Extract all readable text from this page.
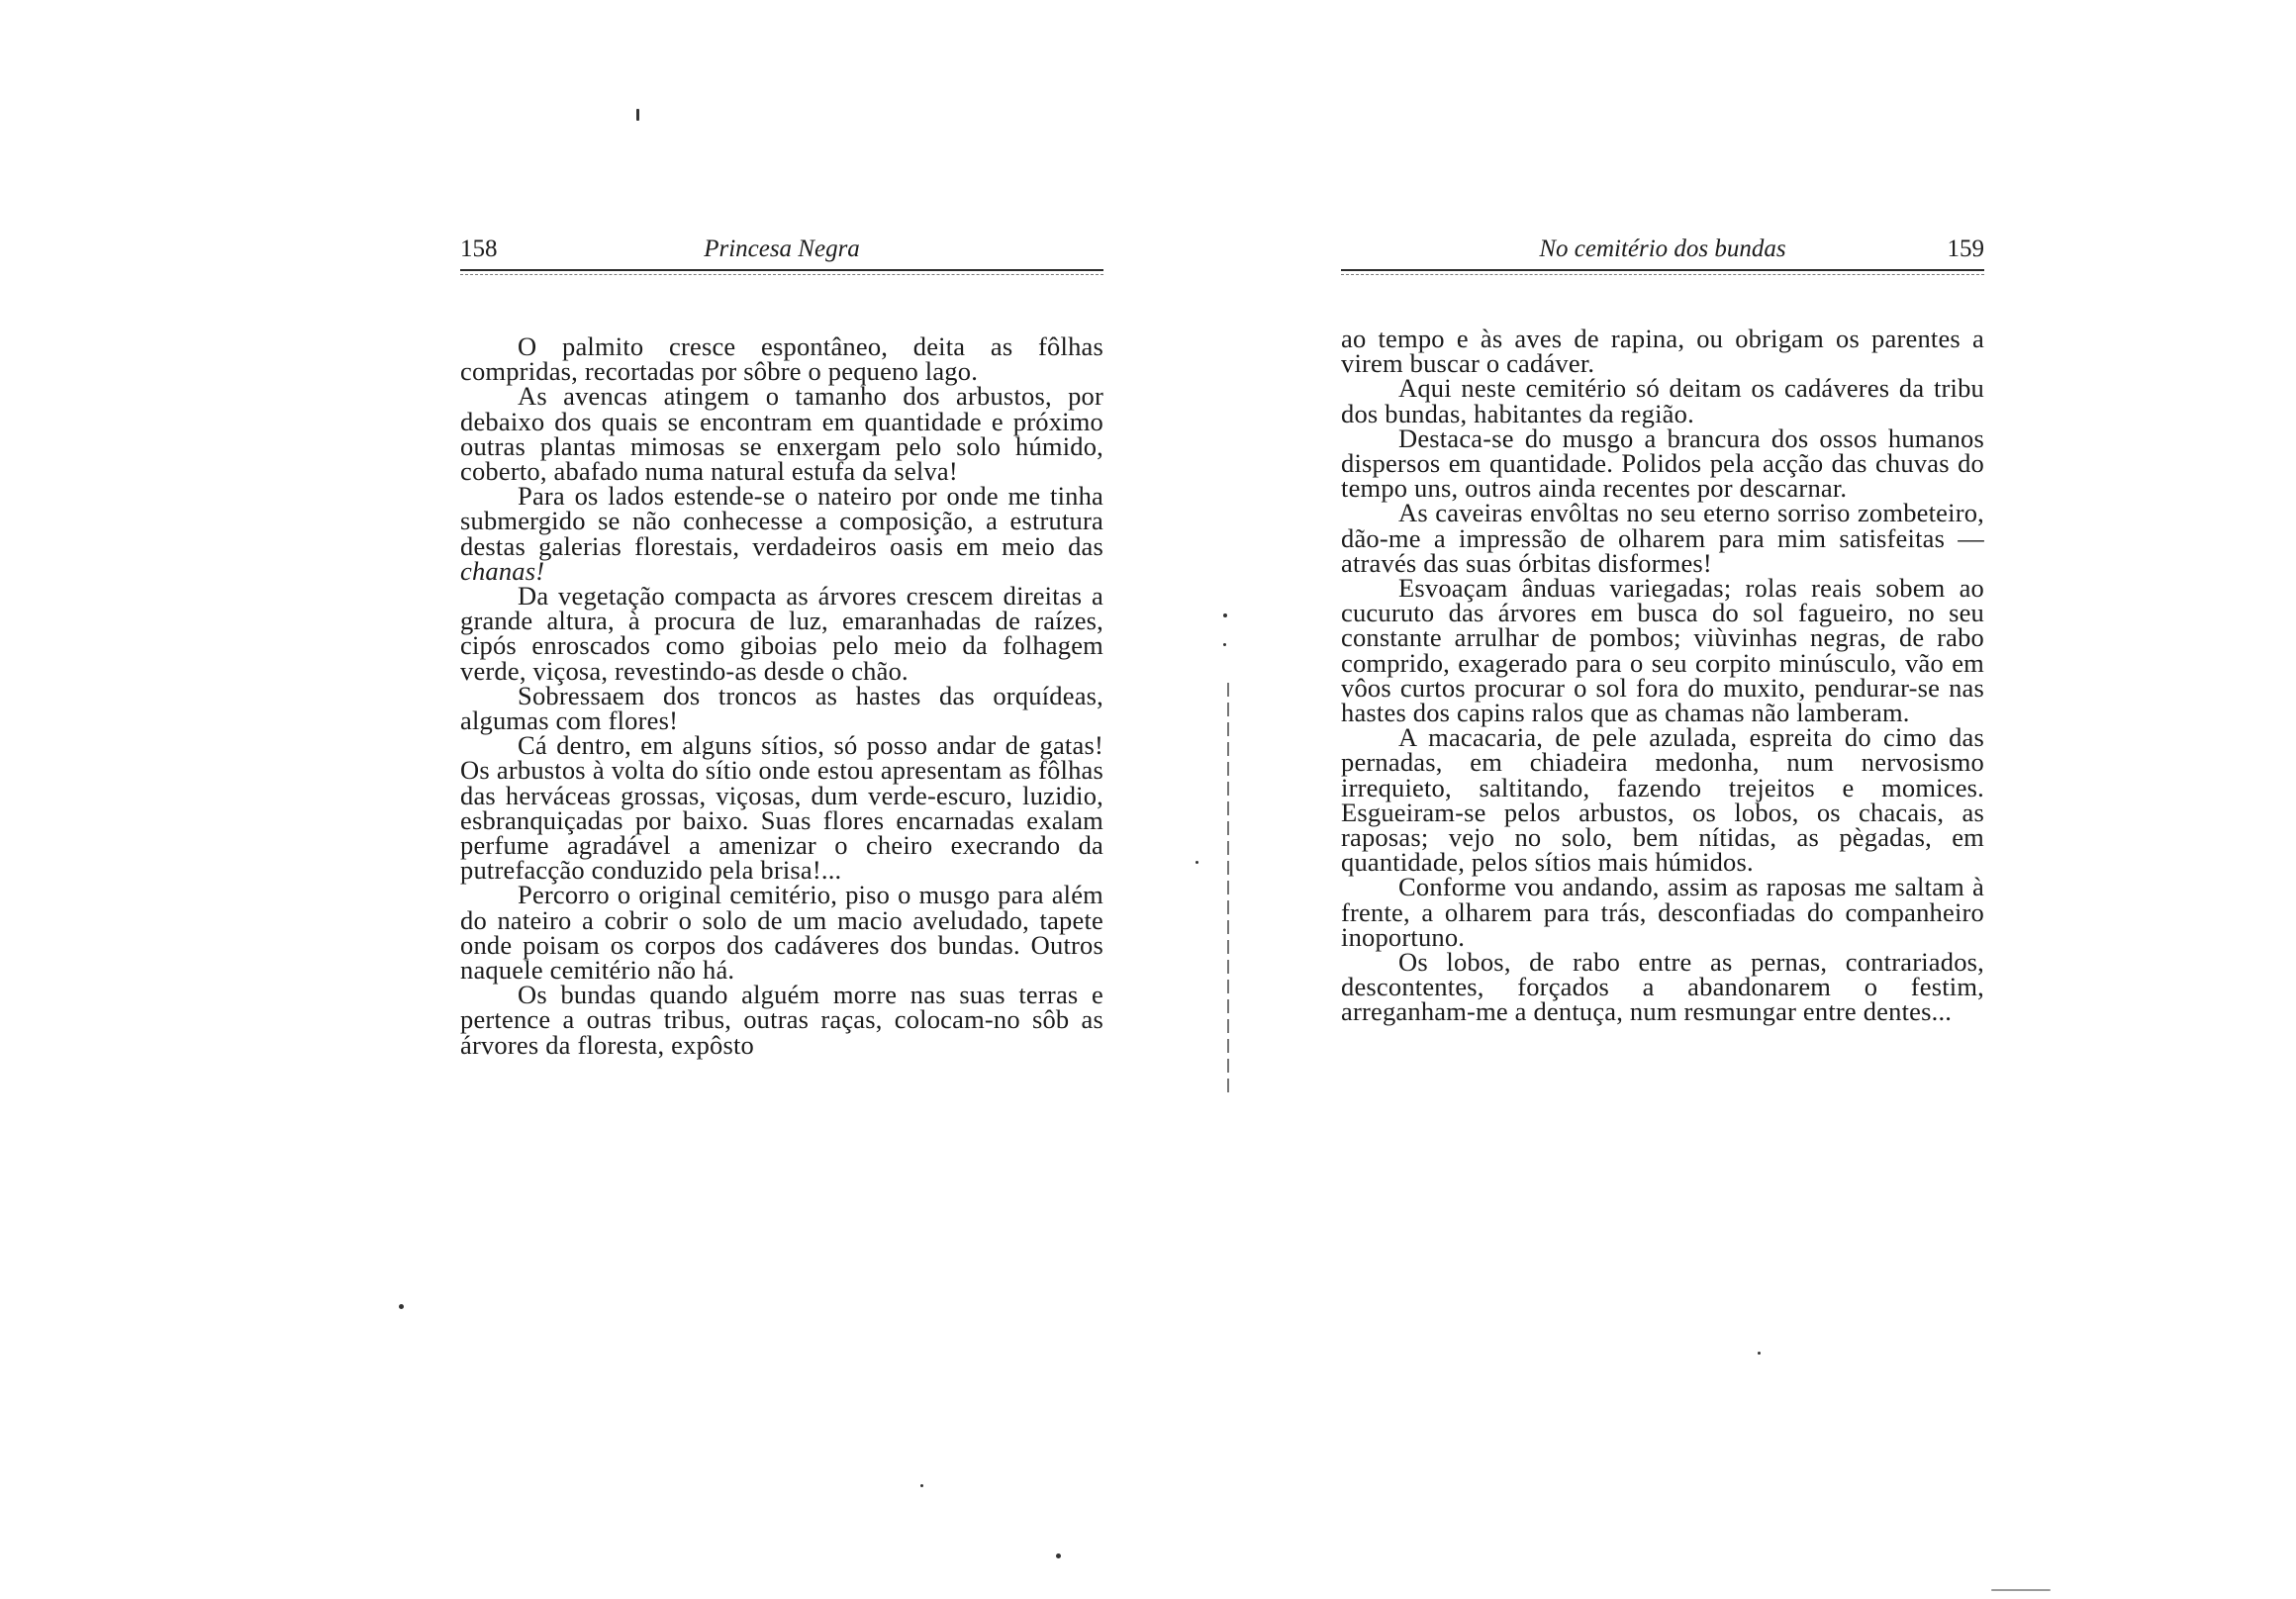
158	Princesa Negra

O palmito cresce espontâneo, deita as fôlhas compridas, recortadas por sôbre o pequeno lago.

As avencas atingem o tamanho dos arbustos, por debaixo dos quais se encontram em quantidade e próximo outras plantas mimosas se enxergam pelo solo húmido, coberto, abafado numa natural estufa da selva!

Para os lados estende-se o nateiro por onde me tinha submergido se não conhecesse a composição, a estrutura destas galerias florestais, verdadeiros oasis em meio das chanas!

Da vegetação compacta as árvores crescem direitas a grande altura, à procura de luz, emaranhadas de raízes, cipós enroscados como giboias pelo meio da folhagem verde, viçosa, revestindo-as desde o chão.

Sobressaem dos troncos as hastes das orquídeas, algumas com flores!

Cá dentro, em alguns sítios, só posso andar de gatas! Os arbustos à volta do sítio onde estou apresentam as fôlhas das herváceas grossas, viçosas, dum verde-escuro, luzidio, esbranquiçadas por baixo. Suas flores encarnadas exalam perfume agradável a amenizar o cheiro execrando da putrefacção conduzido pela brisa!...

Percorro o original cemitério, piso o musgo para além do nateiro a cobrir o solo de um macio aveludado, tapete onde poisam os corpos dos cadáveres dos bundas. Outros naquele cemitério não há.

Os bundas quando alguém morre nas suas terras e pertence a outras tribus, outras raças, colocam-no sôb as árvores da floresta, expôsto

No cemitério dos bundas	159

ao tempo e às aves de rapina, ou obrigam os parentes a virem buscar o cadáver.

Aqui neste cemitério só deitam os cadáveres da tribu dos bundas, habitantes da região.

Destaca-se do musgo a brancura dos ossos humanos dispersos em quantidade. Polidos pela acção das chuvas do tempo uns, outros ainda recentes por descarnar.

As caveiras envôltas no seu eterno sorriso zombeteiro, dão-me a impressão de olharem para mim satisfeitas — através das suas órbitas disformes!

Esvoaçam ânduas variegadas; rolas reais sobem ao cucuruto das árvores em busca do sol fagueiro, no seu constante arrulhar de pombos; viùvinhas negras, de rabo comprido, exagerado para o seu corpito minúsculo, vão em vôos curtos procurar o sol fora do muxito, pendurar-se nas hastes dos capins ralos que as chamas não lamberam.

A macacaria, de pele azulada, espreita do cimo das pernadas, em chiadeira medonha, num nervosismo irrequieto, saltitando, fazendo trejeitos e momices. Esgueiram-se pelos arbustos, os lobos, os chacais, as raposas; vejo no solo, bem nítidas, as pègadas, em quantidade, pelos sítios mais húmidos.

Conforme vou andando, assim as raposas me saltam à frente, a olharem para trás, desconfiadas do companheiro inoportuno.

Os lobos, de rabo entre as pernas, contrariados, descontentes, forçados a abandonarem o festim, arreganham-me a dentuça, num resmungar entre dentes...
